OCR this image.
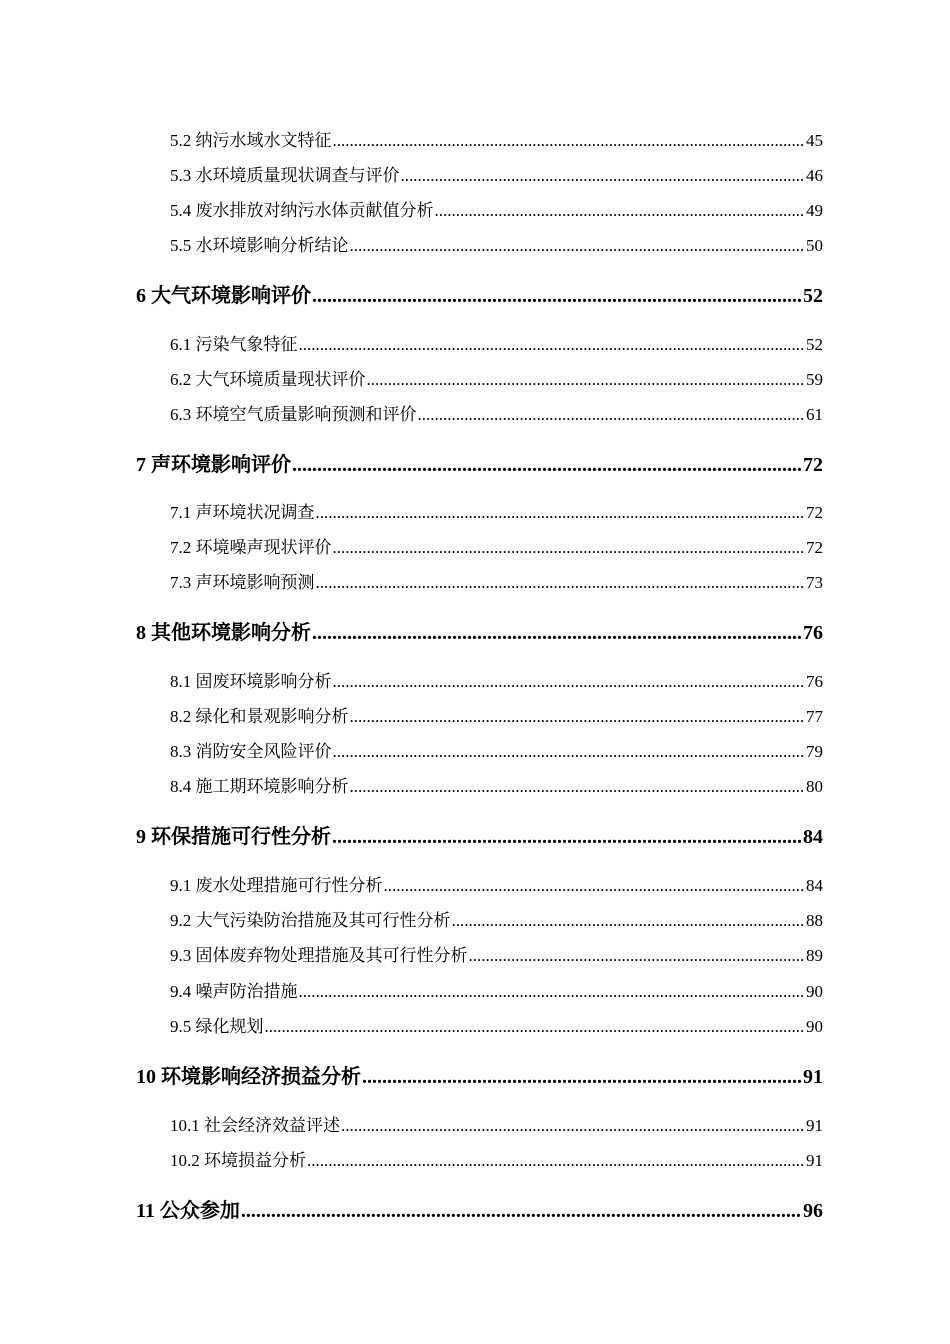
5.2 纳污水域水文特征 .....	45
5.3 水环境质量现状调查与评价 .....	46
5.4 废水排放对纳污水体贡献值分析 .....	49
5.5 水环境影响分析结论 .....	50
6 大气环境影响评价 .....	52
6.1 污染气象特征 .....	52
6.2 大气环境质量现状评价 .....	59
6.3 环境空气质量影响预测和评价 .....	61
7 声环境影响评价 .....	72
7.1 声环境状况调查 .....	72
7.2 环境噪声现状评价 .....	72
7.3 声环境影响预测 .....	73
8 其他环境影响分析 .....	76
8.1 固废环境影响分析 .....	76
8.2 绿化和景观影响分析 .....	77
8.3 消防安全风险评价 .....	79
8.4 施工期环境影响分析 .....	80
9 环保措施可行性分析 .....	84
9.1 废水处理措施可行性分析 .....	84
9.2 大气污染防治措施及其可行性分析 .....	88
9.3 固体废弃物处理措施及其可行性分析 .....	89
9.4 噪声防治措施 .....	90
9.5 绿化规划 .....	90
10 环境影响经济损益分析 .....	91
10.1 社会经济效益评述 .....	91
10.2 环境损益分析 .....	91
11 公众参加 .....	96
